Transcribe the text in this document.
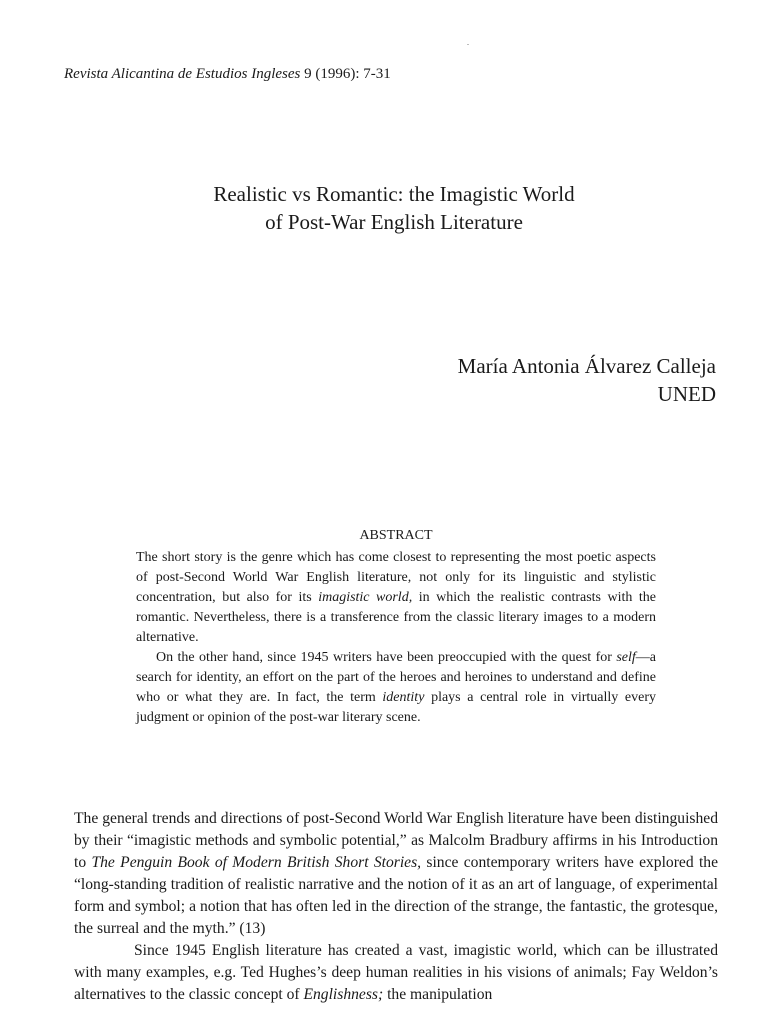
Revista Alicantina de Estudios Ingleses 9 (1996): 7-31
Realistic vs Romantic: the Imagistic World
of Post-War English Literature
María Antonia Álvarez Calleja
UNED
ABSTRACT

The short story is the genre which has come closest to representing the most poetic aspects of post-Second World War English literature, not only for its linguistic and stylistic concentration, but also for its imagistic world, in which the realistic contrasts with the romantic. Nevertheless, there is a transference from the classic literary images to a modern alternative.

On the other hand, since 1945 writers have been preoccupied with the quest for self—a search for identity, an effort on the part of the heroes and heroines to understand and define who or what they are. In fact, the term identity plays a central role in virtually every judgment or opinion of the post-war literary scene.

The general trends and directions of post-Second World War English literature have been distinguished by their “imagistic methods and symbolic potential,” as Malcolm Bradbury affirms in his Introduction to The Penguin Book of Modern British Short Stories, since contemporary writers have explored the “long-standing tradition of realistic narrative and the notion of it as an art of language, of experimental form and symbol; a notion that has often led in the direction of the strange, the fantastic, the grotesque, the surreal and the myth.” (13)

Since 1945 English literature has created a vast, imagistic world, which can be illustrated with many examples, e.g. Ted Hughes’s deep human realities in his visions of animals; Fay Weldon’s alternatives to the classic concept of Englishness; the manipulation
